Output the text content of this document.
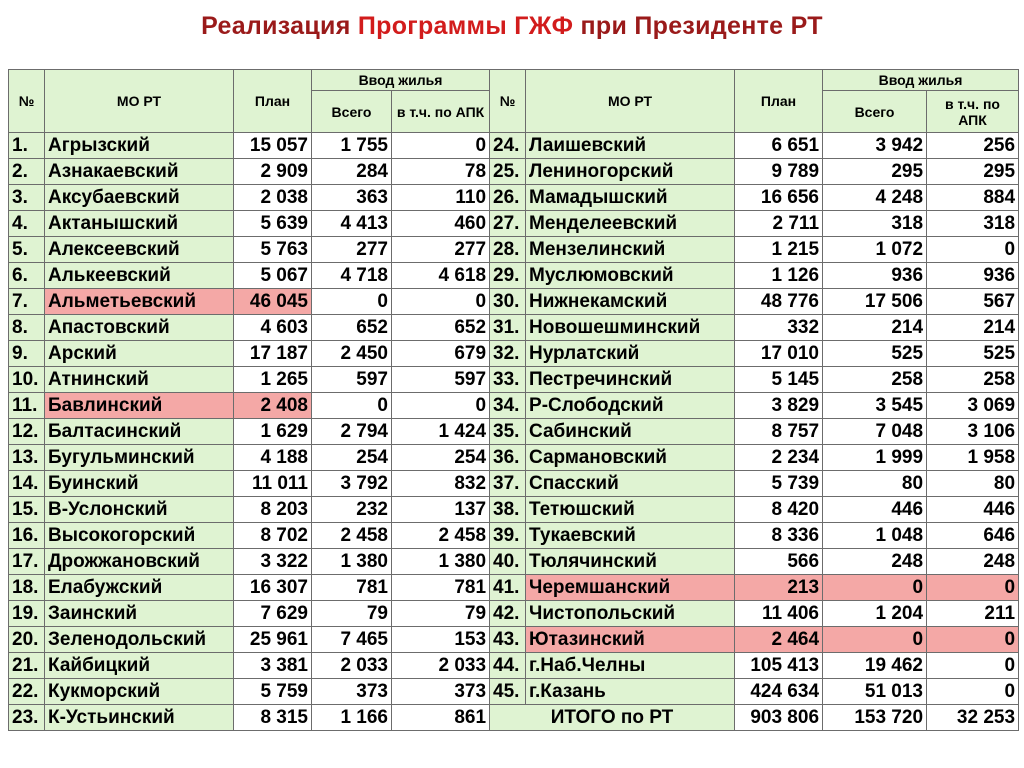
Реализация Программы ГЖФ при Президенте РТ
№	МО РТ	План	Ввод жилья		№	МО РТ	План	Ввод жилья	
			Всего	в т.ч. по АПК				Всего	в т.ч. по АПК
1.	Агрызский	15 057	1 755	0	24.	Лаишевский	6 651	3 942	256
2.	Азнакаевский	2 909	284	78	25.	Лениногорский	9 789	295	295
3.	Аксубаевский	2 038	363	110	26.	Мамадышский	16 656	4 248	884
4.	Актанышский	5 639	4 413	460	27.	Менделеевский	2 711	318	318
5.	Алексеевский	5 763	277	277	28.	Мензелинский	1 215	1 072	0
6.	Алькеевский	5 067	4 718	4 618	29.	Муслюмовский	1 126	936	936
7.	Альметьевский	46 045	0	0	30.	Нижнекамский	48 776	17 506	567
8.	Апастовский	4 603	652	652	31.	Новошешминский	332	214	214
9.	Арский	17 187	2 450	679	32.	Нурлатский	17 010	525	525
10.	Атнинский	1 265	597	597	33.	Пестречинский	5 145	258	258
11.	Бавлинский	2 408	0	0	34.	Р-Слободский	3 829	3 545	3 069
12.	Балтасинский	1 629	2 794	1 424	35.	Сабинский	8 757	7 048	3 106
13.	Бугульминский	4 188	254	254	36.	Сармановский	2 234	1 999	1 958
14.	Буинский	11 011	3 792	832	37.	Спасский	5 739	80	80
15.	В-Услонский	8 203	232	137	38.	Тетюшский	8 420	446	446
16.	Высокогорский	8 702	2 458	2 458	39.	Тукаевский	8 336	1 048	646
17.	Дрожжановский	3 322	1 380	1 380	40.	Тюлячинский	566	248	248
18.	Елабужский	16 307	781	781	41.	Черемшанский	213	0	0
19.	Заинский	7 629	79	79	42.	Чистопольский	11 406	1 204	211
20.	Зеленодольский	25 961	7 465	153	43.	Ютазинский	2 464	0	0
21.	Кайбицкий	3 381	2 033	2 033	44.	г.Наб.Челны	105 413	19 462	0
22.	Кукморский	5 759	373	373	45.	г.Казань	424 634	51 013	0
23.	К-Устьинский	8 315	1 166	861	ИТОГО по РТ		903 806	153 720	32 253
